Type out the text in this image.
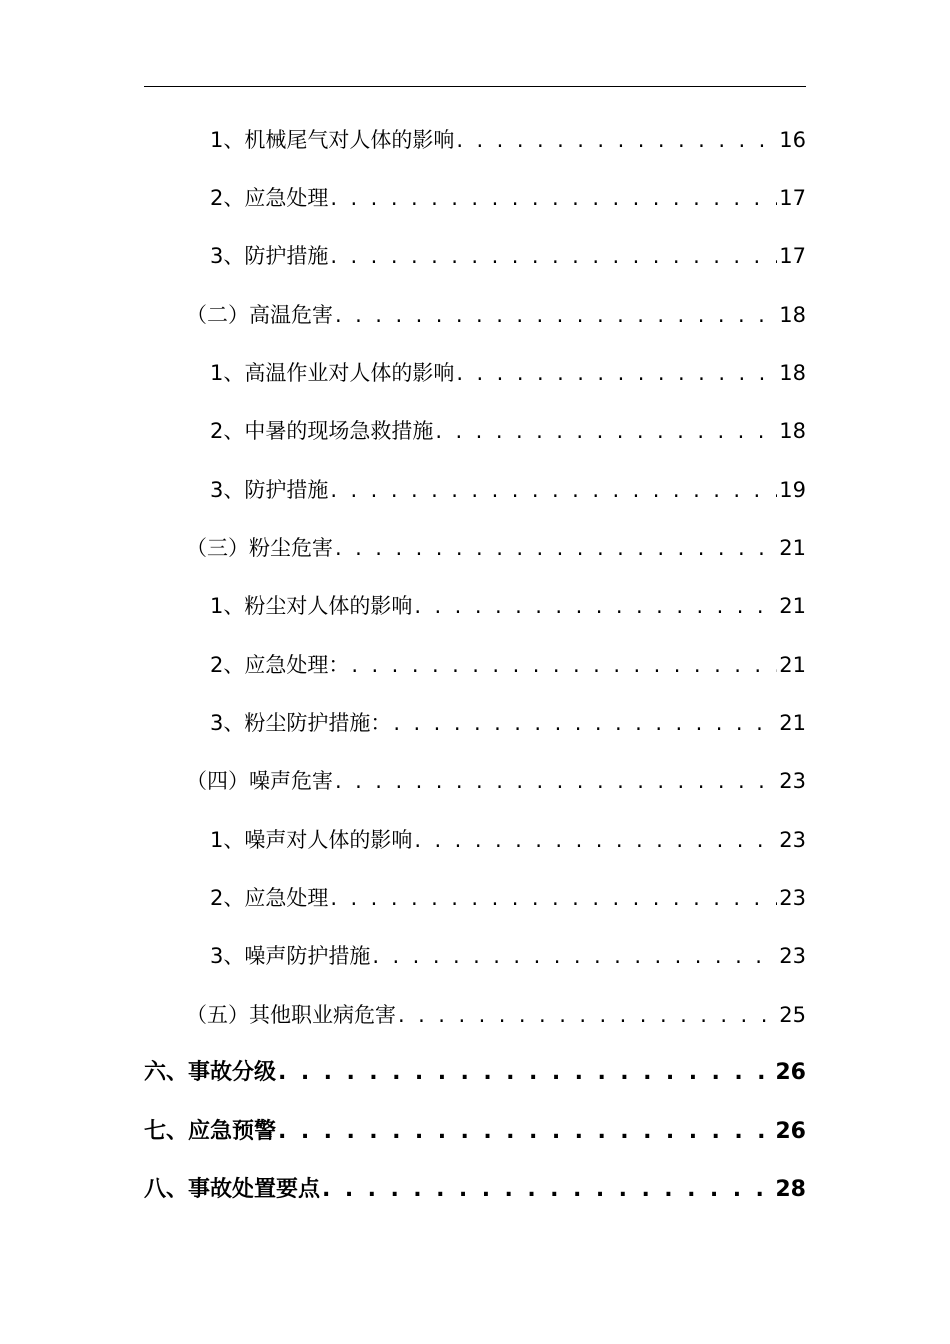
1、机械尾气对人体的影响 . . .	16
2、应急处理 . . .	17
3、防护措施 . . .	17
（二）高温危害 . . .	18
1、高温作业对人体的影响 . . .	18
2、中暑的现场急救措施 . . .	18
3、防护措施 . . .	19
（三）粉尘危害 . . .	21
1、粉尘对人体的影响 . . .	21
2、应急处理： . . .	21
3、粉尘防护措施： . . .	21
（四）噪声危害 . . .	23
1、噪声对人体的影响 . . .	23
2、应急处理 . . .	23
3、噪声防护措施 . . .	23
（五）其他职业病危害 . . .	25
六、事故分级 . . .	26
七、应急预警 . . .	26
八、事故处置要点 . . .	28
